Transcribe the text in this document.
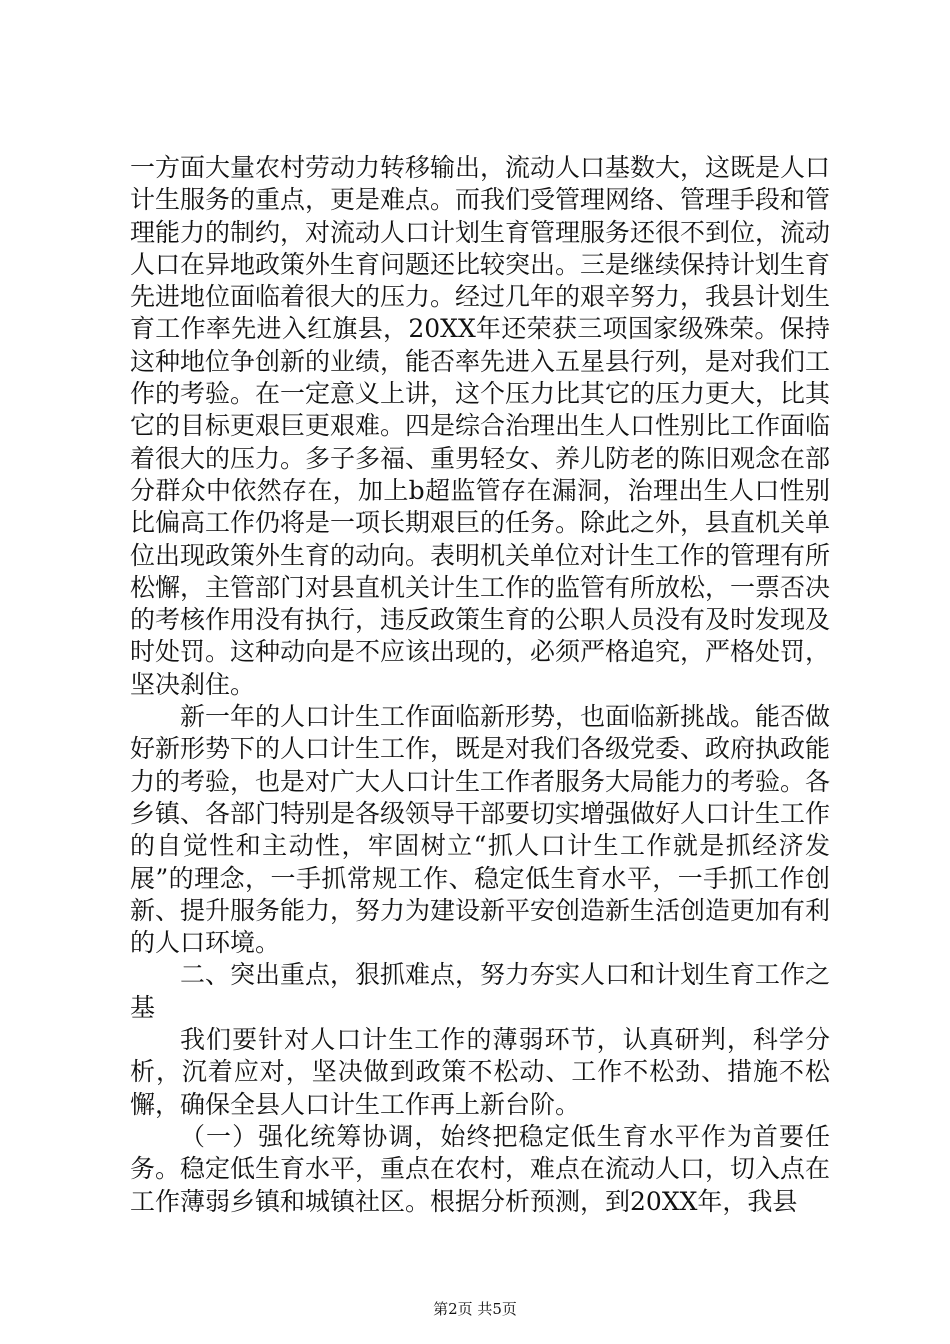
一方面大量农村劳动力转移输出，流动人口基数大，这既是人口计生服务的重点，更是难点。而我们受管理网络、管理手段和管理能力的制约，对流动人口计划生育管理服务还很不到位，流动人口在异地政策外生育问题还比较突出。三是继续保持计划生育先进地位面临着很大的压力。经过几年的艰辛努力，我县计划生育工作率先进入红旗县，20XX年还荣获三项国家级殊荣。保持这种地位争创新的业绩，能否率先进入五星县行列，是对我们工作的考验。在一定意义上讲，这个压力比其它的压力更大，比其它的目标更艰巨更艰难。四是综合治理出生人口性别比工作面临着很大的压力。多子多福、重男轻女、养儿防老的陈旧观念在部分群众中依然存在，加上b超监管存在漏洞，治理出生人口性别比偏高工作仍将是一项长期艰巨的任务。除此之外，县直机关单位出现政策外生育的动向。表明机关单位对计生工作的管理有所松懈，主管部门对县直机关计生工作的监管有所放松，一票否决的考核作用没有执行，违反政策生育的公职人员没有及时发现及时处罚。这种动向是不应该出现的，必须严格追究，严格处罚，坚决刹住。

新一年的人口计生工作面临新形势，也面临新挑战。能否做好新形势下的人口计生工作，既是对我们各级党委、政府执政能力的考验，也是对广大人口计生工作者服务大局能力的考验。各乡镇、各部门特别是各级领导干部要切实增强做好人口计生工作的自觉性和主动性，牢固树立“抓人口计生工作就是抓经济发展”的理念，一手抓常规工作、稳定低生育水平，一手抓工作创新、提升服务能力，努力为建设新平安创造新生活创造更加有利的人口环境。

二、突出重点，狠抓难点，努力夯实人口和计划生育工作之基

我们要针对人口计生工作的薄弱环节，认真研判，科学分析，沉着应对，坚决做到政策不松动、工作不松劲、措施不松懈，确保全县人口计生工作再上新台阶。

（一）强化统筹协调，始终把稳定低生育水平作为首要任务。稳定低生育水平，重点在农村，难点在流动人口，切入点在工作薄弱乡镇和城镇社区。根据分析预测，到20XX年，我县

第2页 共5页
